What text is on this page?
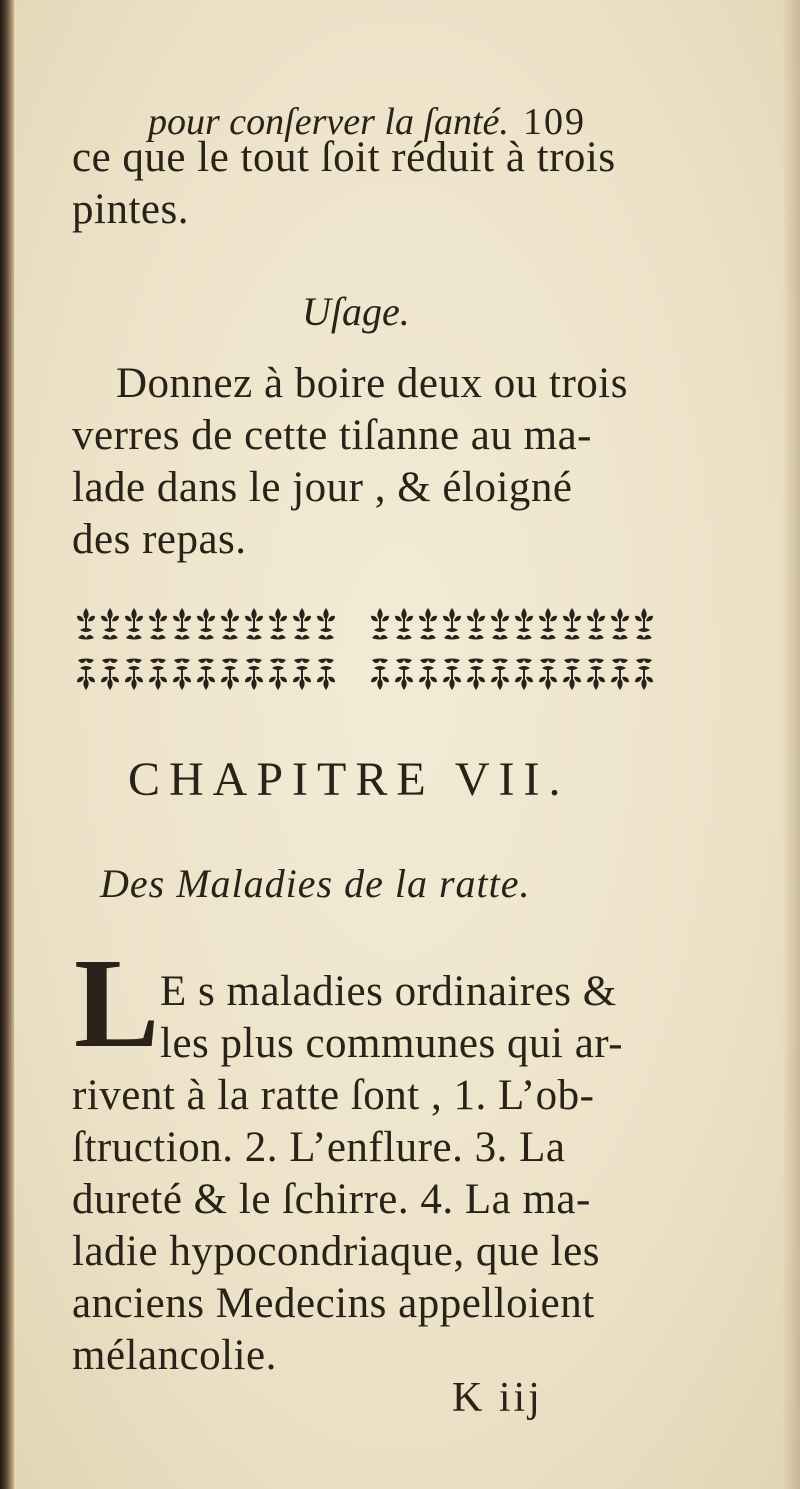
pour conſerver la ſanté. 109
ce que le tout ſoit réduit à trois
pintes.
Uſage.
Donnez à boire deux ou trois
verres de cette tiſanne au ma-
lade dans le jour , & éloigné
des repas.
CHAPITRE VII.
Des Maladies de la ratte.
L E s maladies ordinaires &
les plus communes qui ar-
rivent à la ratte ſont , 1. L’ob-
ſtruction. 2. L’enflure. 3. La
dureté & le ſchirre. 4. La ma-
ladie hypocondriaque, que les
anciens Medecins appelloient
mélancolie.
K iij
